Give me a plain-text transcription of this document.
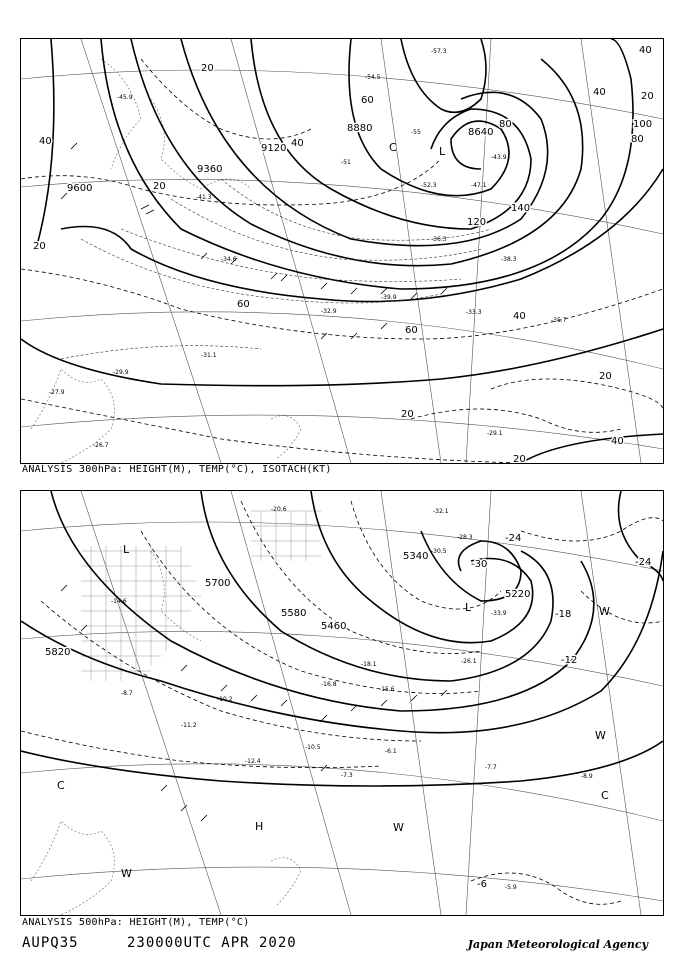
9600
9120
9360
8640
8880
20
20
20
20
20
20
20
40
40
40
40
40
40
60
60
60
80
80	100
120
140
-29.9
-31.1
-32.9	-33.3
-34.6
-35.7
-36.3
-38.3
-39.9
-41.3
-43.9
-45.9
-47.1
-51
-52.3
-54.5
-55
-57.3
-29.1
-27.9
-26.7
L
C
ANALYSIS 300hPa: HEIGHT(M), TEMP(°C), ISOTACH(KT)
5820
5580
5340
5220
5700
5460
-30
-24
-18
-12
-6
-24
-8.9
-5.9
-7.7
-6.1
-10.5
-12.4
-15.6
-16.8
-18.1
-20.6
-26.1
-28.3
-30.5
-32.1
-33.9
-10.2
-11.2
-14.6
-8.7
-7.3
L
L
H
C
C
W
W
W
W
ANALYSIS 500hPa: HEIGHT(M), TEMP(°C)
AUPQ35	230000UTC APR 2020	Japan Meteorological Agency
